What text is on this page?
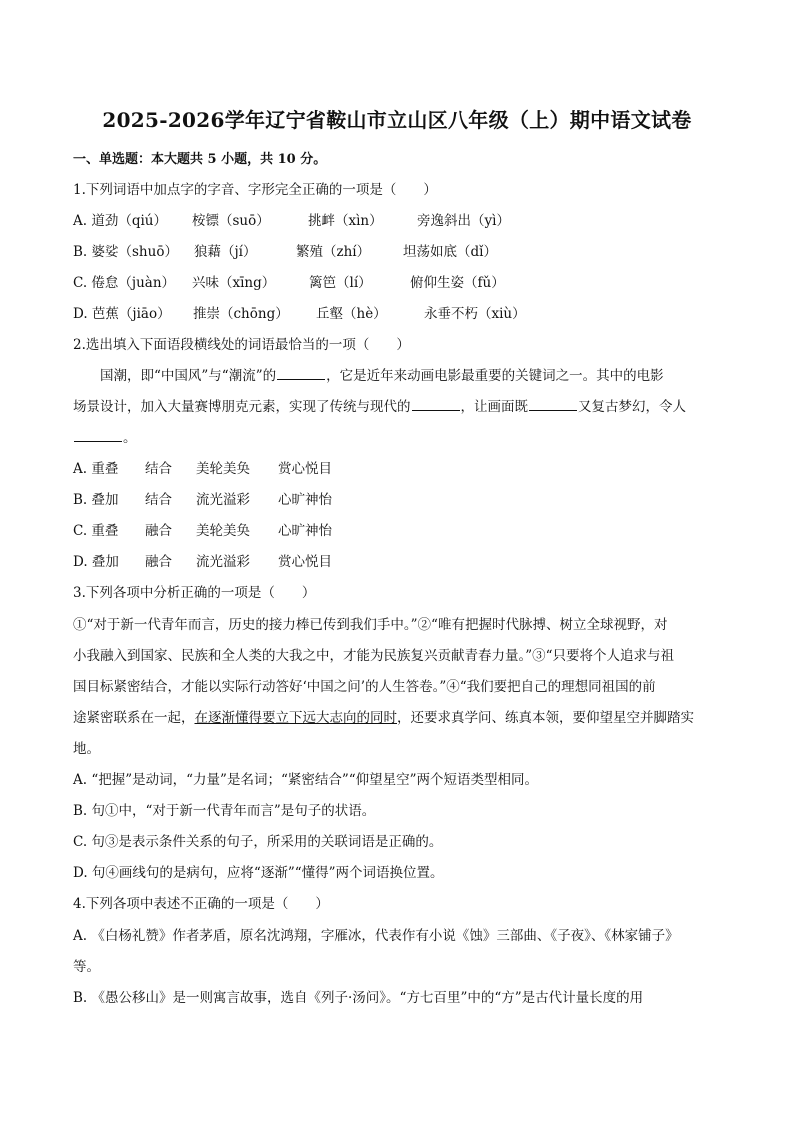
2025-2026学年辽宁省鞍山市立山区八年级（上）期中语文试卷
一、单选题：本大题共 5 小题，共 10 分。
1.下列词语中加点字的字音、字形完全正确的一项是（　　）
A. 道劲（qiú） 桉镖（suō）	挑衅（xìn）	旁逸斜出（yì）
B. 婆娑（shuō） 狼藉（jí）	繁殖（zhí） 坦荡如底（dǐ）
C. 倦怠（juàn） 兴味（xīng） 篱笆（lí）	俯仰生姿（fǔ）
D. 芭蕉（jiāo） 推崇（chōng） 丘壑（hè）	永垂不朽（xiù）
2.选出填入下面语段横线处的词语最恰当的一项（　　）
国潮，即“中国风”与“潮流”的	，它是近年来动画电影最重要的关键词之一。其中的电影
场景设计，加入大量赛博朋克元素，实现了传统与现代的	，让画面既	又复古梦幻，令人
。
A. 重叠 结合 美轮美奂 赏心悦目
B. 叠加 结合 流光溢彩 心旷神怡
C. 重叠 融合 美轮美奂 心旷神怡
D. 叠加 融合 流光溢彩 赏心悦目
3.下列各项中分析正确的一项是（　　）
①“对于新一代青年而言，历史的接力棒已传到我们手中。”②“唯有把握时代脉搏、树立全球视野，对
小我融入到国家、民族和全人类的大我之中，才能为民族复兴贡献青春力量。”③“只要将个人追求与祖
国目标紧密结合，才能以实际行动答好‘中国之问’的人生答卷。”④“我们要把自己的理想同祖国的前
途紧密联系在一起，在逐渐懂得要立下远大志向的同时，还要求真学问、练真本领，要仰望星空并脚踏实
地。
A. “把握”是动词，“力量”是名词；“紧密结合”“仰望星空”两个短语类型相同。
B. 句①中，“对于新一代青年而言”是句子的状语。
C. 句③是表示条件关系的句子，所采用的关联词语是正确的。
D. 句④画线句的是病句，应将“逐渐”“懂得”两个词语换位置。
4.下列各项中表述不正确的一项是（　　）
A. 《白杨礼赞》作者茅盾，原名沈鸿翔，字雁冰，代表作有小说《蚀》三部曲、《子夜》、《林家铺子》
等。
B. 《愚公移山》是一则寓言故事，选自《列子·汤问》。“方七百里”中的“方”是古代计量长度的用
